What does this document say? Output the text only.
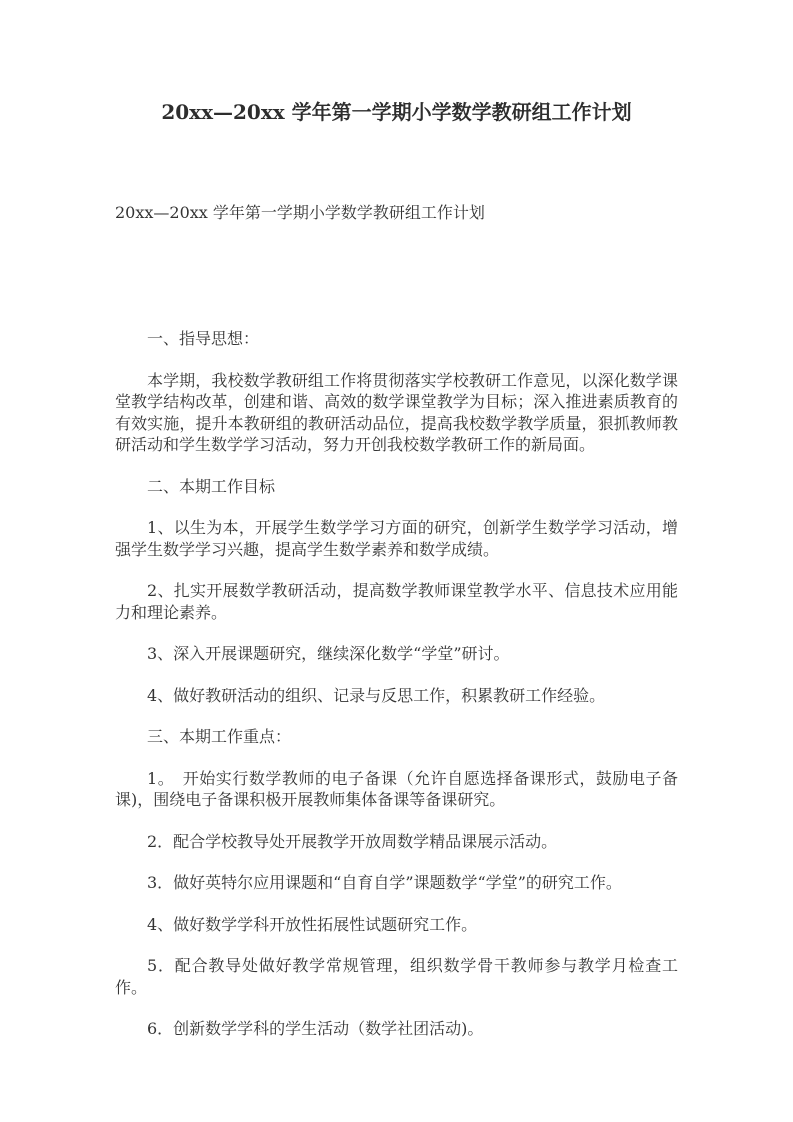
20xx—20xx 学年第一学期小学数学教研组工作计划

20xx—20xx 学年第一学期小学数学教研组工作计划

一、指导思想：

本学期，我校数学教研组工作将贯彻落实学校教研工作意见，以深化数学课堂教学结构改革，创建和谐、高效的数学课堂教学为目标；深入推进素质教育的有效实施，提升本教研组的教研活动品位，提高我校数学教学质量，狠抓教师教研活动和学生数学学习活动，努力开创我校数学教研工作的新局面。

二、本期工作目标

1、以生为本，开展学生数学学习方面的研究，创新学生数学学习活动，增强学生数学学习兴趣，提高学生数学素养和数学成绩。

2、扎实开展数学教研活动，提高数学教师课堂教学水平、信息技术应用能力和理论素养。

3、深入开展课题研究，继续深化数学“学堂”研讨。

4、做好教研活动的组织、记录与反思工作，积累教研工作经验。

三、本期工作重点：

1。　开始实行数学教师的电子备课（允许自愿选择备课形式，鼓励电子备课)，围绕电子备课积极开展教师集体备课等备课研究。

2．配合学校教导处开展教学开放周数学精品课展示活动。

3．做好英特尔应用课题和“自育自学”课题数学“学堂”的研究工作。

4、做好数学学科开放性拓展性试题研究工作。

5．配合教导处做好教学常规管理，组织数学骨干教师参与教学月检查工作。

6．创新数学学科的学生活动（数学社团活动)。
